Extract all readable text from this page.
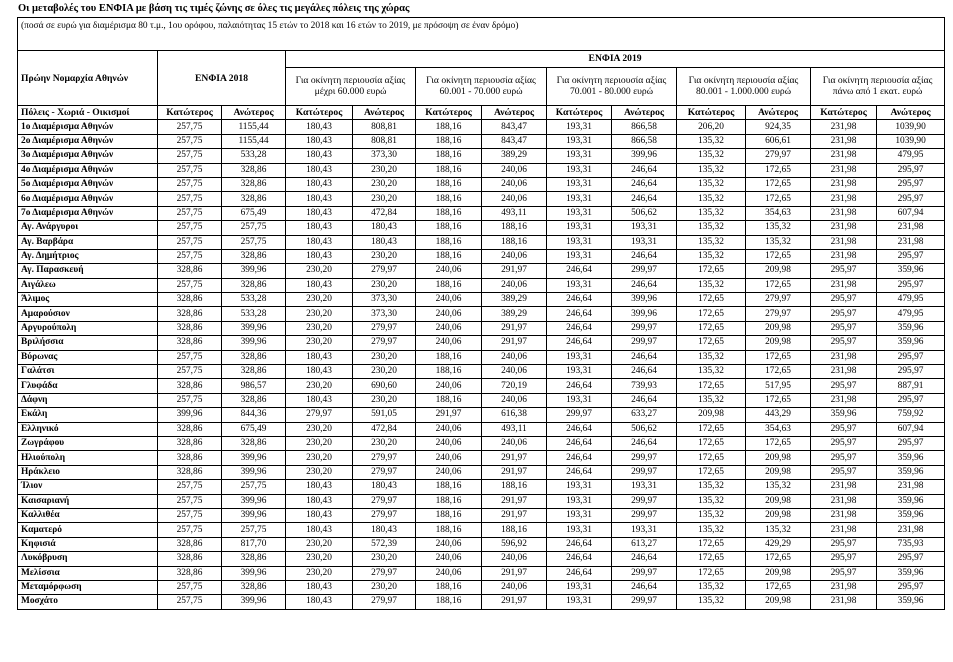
Οι μεταβολές του ΕΝΦΙΑ με βάση τις τιμές ζώνης σε όλες τις μεγάλες πόλεις της χώρας
(ποσά σε ευρώ για διαμέρισμα 80 τ.μ., 1ου ορόφου, παλαιότητας 15 ετών το 2018 και 16 ετών το 2019, με πρόσοψη σε έναν δρόμο)												
Πρώην Νομαρχία Αθηνών	ΕΝΦΙΑ 2018		ΕΝΦΙΑ 2019									
			Για οκίνητη περιουσία αξίας μέχρι 60.000 ευρώ		Για οκίνητη περιουσία αξίας 60.001 - 70.000 ευρώ		Για οκίνητη περιουσία αξίας 70.001 - 80.000 ευρώ		Για οκίνητη περιουσία αξίας 80.001 - 1.000.000 ευρώ		Για οκίνητη περιουσία αξίας πάνω από 1 εκατ. ευρώ	
Πόλεις - Χωριά - Οικισμοί	Κατώτερος	Ανώτερος	Κατώτερος	Ανώτερος	Κατώτερος	Ανώτερος	Κατώτερος	Ανώτερος	Κατώτερος	Ανώτερος	Κατώτερος	Ανώτερος
1ο Διαμέρισμα Αθηνών	257,75	1155,44	180,43	808,81	188,16	843,47	193,31	866,58	206,20	924,35	231,98	1039,90
2ο Διαμέρισμα Αθηνών	257,75	1155,44	180,43	808,81	188,16	843,47	193,31	866,58	135,32	606,61	231,98	1039,90
3ο Διαμέρισμα Αθηνών	257,75	533,28	180,43	373,30	188,16	389,29	193,31	399,96	135,32	279,97	231,98	479,95
4ο Διαμέρισμα Αθηνών	257,75	328,86	180,43	230,20	188,16	240,06	193,31	246,64	135,32	172,65	231,98	295,97
5ο Διαμέρισμα Αθηνών	257,75	328,86	180,43	230,20	188,16	240,06	193,31	246,64	135,32	172,65	231,98	295,97
6ο Διαμέρισμα Αθηνών	257,75	328,86	180,43	230,20	188,16	240,06	193,31	246,64	135,32	172,65	231,98	295,97
7ο Διαμέρισμα Αθηνών	257,75	675,49	180,43	472,84	188,16	493,11	193,31	506,62	135,32	354,63	231,98	607,94
Αγ. Ανάργυροι	257,75	257,75	180,43	180,43	188,16	188,16	193,31	193,31	135,32	135,32	231,98	231,98
Αγ. Βαρβάρα	257,75	257,75	180,43	180,43	188,16	188,16	193,31	193,31	135,32	135,32	231,98	231,98
Αγ. Δημήτριος	257,75	328,86	180,43	230,20	188,16	240,06	193,31	246,64	135,32	172,65	231,98	295,97
Αγ. Παρασκευή	328,86	399,96	230,20	279,97	240,06	291,97	246,64	299,97	172,65	209,98	295,97	359,96
Αιγάλεω	257,75	328,86	180,43	230,20	188,16	240,06	193,31	246,64	135,32	172,65	231,98	295,97
Άλιμος	328,86	533,28	230,20	373,30	240,06	389,29	246,64	399,96	172,65	279,97	295,97	479,95
Αμαρούσιον	328,86	533,28	230,20	373,30	240,06	389,29	246,64	399,96	172,65	279,97	295,97	479,95
Αργυρούπολη	328,86	399,96	230,20	279,97	240,06	291,97	246,64	299,97	172,65	209,98	295,97	359,96
Βριλήσσια	328,86	399,96	230,20	279,97	240,06	291,97	246,64	299,97	172,65	209,98	295,97	359,96
Βύρωνας	257,75	328,86	180,43	230,20	188,16	240,06	193,31	246,64	135,32	172,65	231,98	295,97
Γαλάτσι	257,75	328,86	180,43	230,20	188,16	240,06	193,31	246,64	135,32	172,65	231,98	295,97
Γλυφάδα	328,86	986,57	230,20	690,60	240,06	720,19	246,64	739,93	172,65	517,95	295,97	887,91
Δάφνη	257,75	328,86	180,43	230,20	188,16	240,06	193,31	246,64	135,32	172,65	231,98	295,97
Εκάλη	399,96	844,36	279,97	591,05	291,97	616,38	299,97	633,27	209,98	443,29	359,96	759,92
Ελληνικό	328,86	675,49	230,20	472,84	240,06	493,11	246,64	506,62	172,65	354,63	295,97	607,94
Ζωγράφου	328,86	328,86	230,20	230,20	240,06	240,06	246,64	246,64	172,65	172,65	295,97	295,97
Ηλιούπολη	328,86	399,96	230,20	279,97	240,06	291,97	246,64	299,97	172,65	209,98	295,97	359,96
Ηράκλειο	328,86	399,96	230,20	279,97	240,06	291,97	246,64	299,97	172,65	209,98	295,97	359,96
Ίλιον	257,75	257,75	180,43	180,43	188,16	188,16	193,31	193,31	135,32	135,32	231,98	231,98
Καισαριανή	257,75	399,96	180,43	279,97	188,16	291,97	193,31	299,97	135,32	209,98	231,98	359,96
Καλλιθέα	257,75	399,96	180,43	279,97	188,16	291,97	193,31	299,97	135,32	209,98	231,98	359,96
Καματερό	257,75	257,75	180,43	180,43	188,16	188,16	193,31	193,31	135,32	135,32	231,98	231,98
Κηφισιά	328,86	817,70	230,20	572,39	240,06	596,92	246,64	613,27	172,65	429,29	295,97	735,93
Λυκόβρυση	328,86	328,86	230,20	230,20	240,06	240,06	246,64	246,64	172,65	172,65	295,97	295,97
Μελίσσια	328,86	399,96	230,20	279,97	240,06	291,97	246,64	299,97	172,65	209,98	295,97	359,96
Μεταμόρφωση	257,75	328,86	180,43	230,20	188,16	240,06	193,31	246,64	135,32	172,65	231,98	295,97
Μοσχάτο	257,75	399,96	180,43	279,97	188,16	291,97	193,31	299,97	135,32	209,98	231,98	359,96
